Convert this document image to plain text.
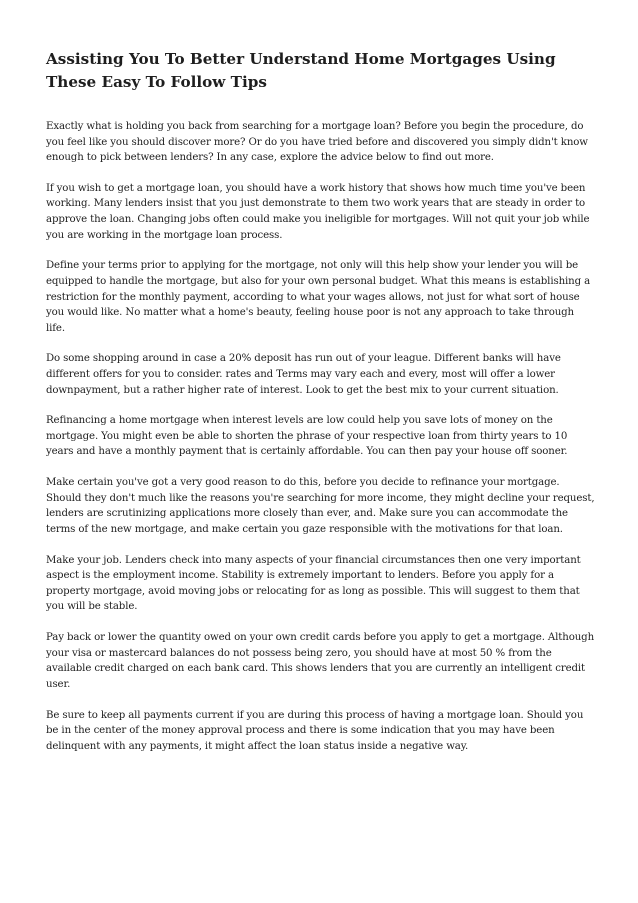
Assisting You To Better Understand Home Mortgages Using These Easy To Follow Tips

Exactly what is holding you back from searching for a mortgage loan? Before you begin the procedure, do you feel like you should discover more? Or do you have tried before and discovered you simply didn't know enough to pick between lenders? In any case, explore the advice below to find out more.

If you wish to get a mortgage loan, you should have a work history that shows how much time you've been working. Many lenders insist that you just demonstrate to them two work years that are steady in order to approve the loan. Changing jobs often could make you ineligible for mortgages. Will not quit your job while you are working in the mortgage loan process.

Define your terms prior to applying for the mortgage, not only will this help show your lender you will be equipped to handle the mortgage, but also for your own personal budget. What this means is establishing a restriction for the monthly payment, according to what your wages allows, not just for what sort of house you would like. No matter what a home's beauty, feeling house poor is not any approach to take through life.

Do some shopping around in case a 20% deposit has run out of your league. Different banks will have different offers for you to consider. rates and Terms may vary each and every, most will offer a lower downpayment, but a rather higher rate of interest. Look to get the best mix to your current situation.

Refinancing a home mortgage when interest levels are low could help you save lots of money on the mortgage. You might even be able to shorten the phrase of your respective loan from thirty years to 10 years and have a monthly payment that is certainly affordable. You can then pay your house off sooner.

Make certain you've got a very good reason to do this, before you decide to refinance your mortgage. Should they don't much like the reasons you're searching for more income, they might decline your request, lenders are scrutinizing applications more closely than ever, and. Make sure you can accommodate the terms of the new mortgage, and make certain you gaze responsible with the motivations for that loan.

Make your job. Lenders check into many aspects of your financial circumstances then one very important aspect is the employment income. Stability is extremely important to lenders. Before you apply for a property mortgage, avoid moving jobs or relocating for as long as possible. This will suggest to them that you will be stable.

Pay back or lower the quantity owed on your own credit cards before you apply to get a mortgage. Although your visa or mastercard balances do not possess being zero, you should have at most 50 % from the available credit charged on each bank card. This shows lenders that you are currently an intelligent credit user.

Be sure to keep all payments current if you are during this process of having a mortgage loan. Should you be in the center of the money approval process and there is some indication that you may have been delinquent with any payments, it might affect the loan status inside a negative way.
